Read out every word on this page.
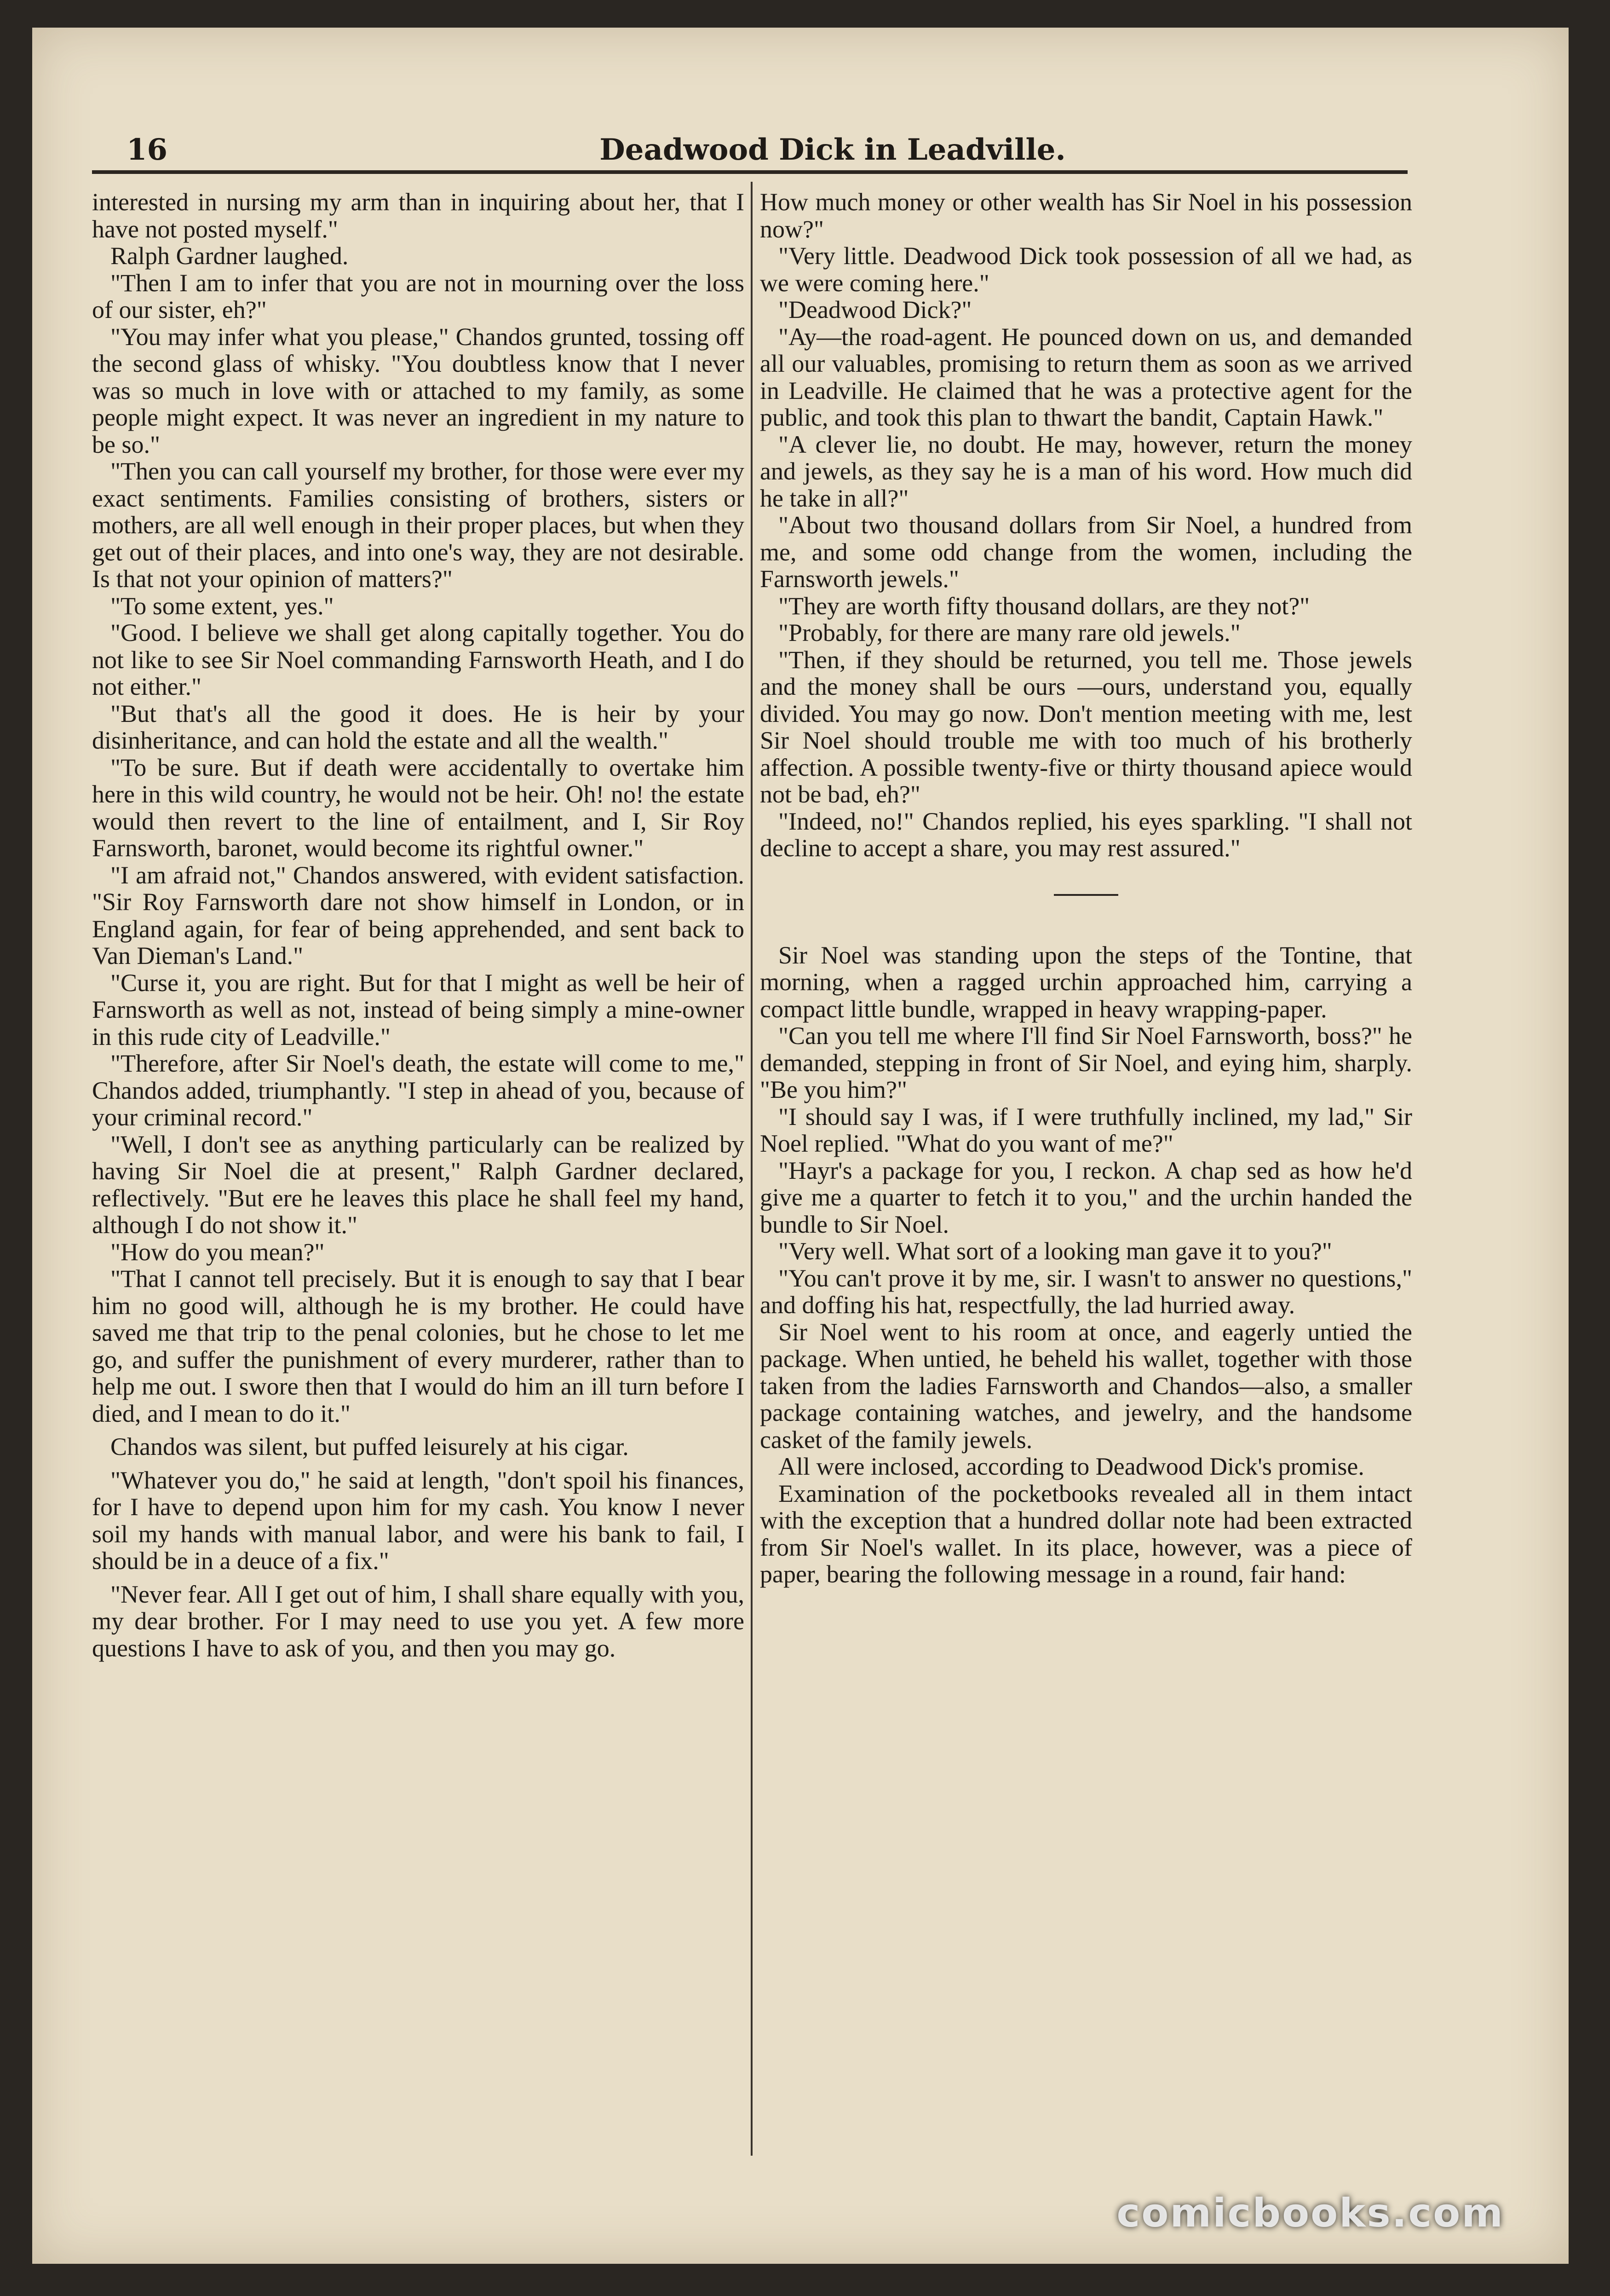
16	Deadwood Dick in Leadville.

interested in nursing my arm than in inquiring about her, that I have not posted myself."

Ralph Gardner laughed.

"Then I am to infer that you are not in mourning over the loss of our sister, eh?"

"You may infer what you please," Chandos grunted, tossing off the second glass of whisky. "You doubtless know that I never was so much in love with or attached to my family, as some people might expect. It was never an ingredient in my nature to be so."

"Then you can call yourself my brother, for those were ever my exact sentiments. Families consisting of brothers, sisters or mothers, are all well enough in their proper places, but when they get out of their places, and into one's way, they are not desirable. Is that not your opinion of matters?"

"To some extent, yes."

"Good. I believe we shall get along capitally together. You do not like to see Sir Noel commanding Farnsworth Heath, and I do not either."

"But that's all the good it does. He is heir by your disinheritance, and can hold the estate and all the wealth."

"To be sure. But if death were accidentally to overtake him here in this wild country, he would not be heir. Oh! no! the estate would then revert to the line of entailment, and I, Sir Roy Farnsworth, baronet, would become its rightful owner."

"I am afraid not," Chandos answered, with evident satisfaction. "Sir Roy Farnsworth dare not show himself in London, or in England again, for fear of being apprehended, and sent back to Van Dieman's Land."

"Curse it, you are right. But for that I might as well be heir of Farnsworth as well as not, instead of being simply a mine-owner in this rude city of Leadville."

"Therefore, after Sir Noel's death, the estate will come to me," Chandos added, triumphantly. "I step in ahead of you, because of your criminal record."

"Well, I don't see as anything particularly can be realized by having Sir Noel die at present," Ralph Gardner declared, reflectively. "But ere he leaves this place he shall feel my hand, although I do not show it."

"How do you mean?"

"That I cannot tell precisely. But it is enough to say that I bear him no good will, although he is my brother. He could have saved me that trip to the penal colonies, but he chose to let me go, and suffer the punishment of every murderer, rather than to help me out. I swore then that I would do him an ill turn before I died, and I mean to do it."

Chandos was silent, but puffed leisurely at his cigar.

"Whatever you do," he said at length, "don't spoil his finances, for I have to depend upon him for my cash. You know I never soil my hands with manual labor, and were his bank to fail, I should be in a deuce of a fix."

"Never fear. All I get out of him, I shall share equally with you, my dear brother. For I may need to use you yet. A few more questions I have to ask of you, and then you may go.

How much money or other wealth has Sir Noel in his possession now?"

"Very little. Deadwood Dick took possession of all we had, as we were coming here."

"Deadwood Dick?"

"Ay—the road-agent. He pounced down on us, and demanded all our valuables, promising to return them as soon as we arrived in Leadville. He claimed that he was a protective agent for the public, and took this plan to thwart the bandit, Captain Hawk."

"A clever lie, no doubt. He may, however, return the money and jewels, as they say he is a man of his word. How much did he take in all?"

"About two thousand dollars from Sir Noel, a hundred from me, and some odd change from the women, including the Farnsworth jewels."

"They are worth fifty thousand dollars, are they not?"

"Probably, for there are many rare old jewels."

"Then, if they should be returned, you tell me. Those jewels and the money shall be ours —ours, understand you, equally divided. You may go now. Don't mention meeting with me, lest Sir Noel should trouble me with too much of his brotherly affection. A possible twenty-five or thirty thousand apiece would not be bad, eh?"

"Indeed, no!" Chandos replied, his eyes sparkling. "I shall not decline to accept a share, you may rest assured."

Sir Noel was standing upon the steps of the Tontine, that morning, when a ragged urchin approached him, carrying a compact little bundle, wrapped in heavy wrapping-paper.

"Can you tell me where I'll find Sir Noel Farnsworth, boss?" he demanded, stepping in front of Sir Noel, and eying him, sharply. "Be you him?"

"I should say I was, if I were truthfully inclined, my lad," Sir Noel replied. "What do you want of me?"

"Hayr's a package for you, I reckon. A chap sed as how he'd give me a quarter to fetch it to you," and the urchin handed the bundle to Sir Noel.

"Very well. What sort of a looking man gave it to you?"

"You can't prove it by me, sir. I wasn't to answer no questions," and doffing his hat, respectfully, the lad hurried away.

Sir Noel went to his room at once, and eagerly untied the package. When untied, he beheld his wallet, together with those taken from the ladies Farnsworth and Chandos—also, a smaller package containing watches, and jewelry, and the handsome casket of the family jewels.

All were inclosed, according to Deadwood Dick's promise.

Examination of the pocketbooks revealed all in them intact with the exception that a hundred dollar note had been extracted from Sir Noel's wallet. In its place, however, was a piece of paper, bearing the following message in a round, fair hand:

comicbooks.com
